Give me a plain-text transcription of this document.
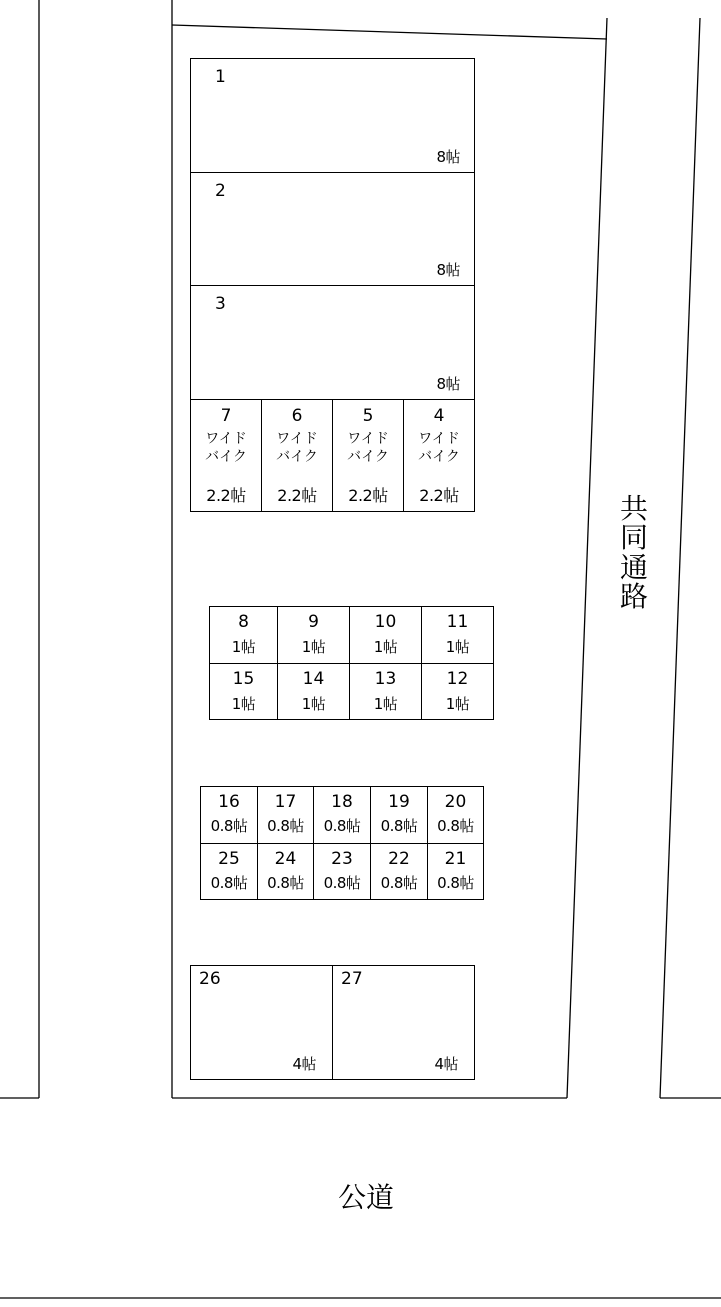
1
8帖
2
8帖
3
8帖
7
ワイド
バイク
2.2帖
6
ワイド
バイク
2.2帖
5
ワイド
バイク
2.2帖
4
ワイド
バイク
2.2帖
8
1帖
9
1帖
10
1帖
11
1帖
15
1帖
14
1帖
13
1帖
12
1帖
16
0.8帖
17
0.8帖
18
0.8帖
19
0.8帖
20
0.8帖
25
0.8帖
24
0.8帖
23
0.8帖
22
0.8帖
21
0.8帖
26
4帖
27
4帖
共
同
通
路
公道
